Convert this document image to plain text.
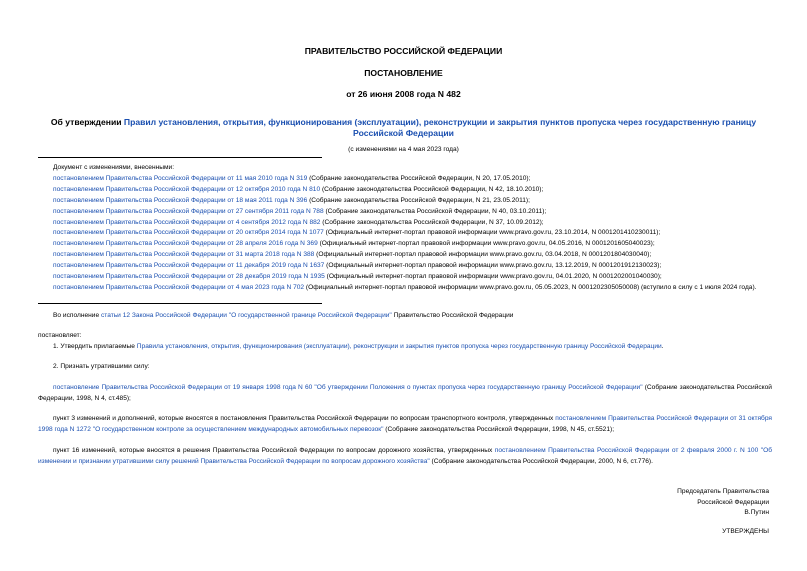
ПРАВИТЕЛЬСТВО РОССИЙСКОЙ ФЕДЕРАЦИИ
ПОСТАНОВЛЕНИЕ
от 26 июня 2008 года N 482
Об утверждении Правил установления, открытия, функционирования (эксплуатации), реконструкции и закрытия пунктов пропуска через государственную границу Российской Федерации
(с изменениями на 4 мая 2023 года)
Документ с изменениями, внесенными:
постановлением Правительства Российской Федерации от 11 мая 2010 года N 319 (Собрание законодательства Российской Федерации, N 20, 17.05.2010);
постановлением Правительства Российской Федерации от 12 октября 2010 года N 810 (Собрание законодательства Российской Федерации, N 42, 18.10.2010);
постановлением Правительства Российской Федерации от 18 мая 2011 года N 396 (Собрание законодательства Российской Федерации, N 21, 23.05.2011);
постановлением Правительства Российской Федерации от 27 сентября 2011 года N 788 (Собрание законодательства Российской Федерации, N 40, 03.10.2011);
постановлением Правительства Российской Федерации от 4 сентября 2012 года N 882 (Собрание законодательства Российской Федерации, N 37, 10.09.2012);
постановлением Правительства Российской Федерации от 20 октября 2014 года N 1077 (Официальный интернет-портал правовой информации www.pravo.gov.ru, 23.10.2014, N 0001201410230011);
постановлением Правительства Российской Федерации от 28 апреля 2016 года N 369 (Официальный интернет-портал правовой информации www.pravo.gov.ru, 04.05.2016, N 0001201605040023);
постановлением Правительства Российской Федерации от 31 марта 2018 года N 388 (Официальный интернет-портал правовой информации www.pravo.gov.ru, 03.04.2018, N 0001201804030040);
постановлением Правительства Российской Федерации от 11 декабря 2019 года N 1637 (Официальный интернет-портал правовой информации www.pravo.gov.ru, 13.12.2019, N 0001201912130023);
постановлением Правительства Российской Федерации от 28 декабря 2019 года N 1935 (Официальный интернет-портал правовой информации www.pravo.gov.ru, 04.01.2020, N 0001202001040030);
постановлением Правительства Российской Федерации от 4 мая 2023 года N 702 (Официальный интернет-портал правовой информации www.pravo.gov.ru, 05.05.2023, N 0001202305050008) (вступило в силу с 1 июля 2024 года).
Во исполнение статьи 12 Закона Российской Федерации "О государственной границе Российской Федерации" Правительство Российской Федерации
постановляет:
1. Утвердить прилагаемые Правила установления, открытия, функционирования (эксплуатации), реконструкции и закрытия пунктов пропуска через государственную границу Российской Федерации.
2. Признать утратившими силу:
постановление Правительства Российской Федерации от 19 января 1998 года N 60 "Об утверждении Положения о пунктах пропуска через государственную границу Российской Федерации" (Собрание законодательства Российской Федерации, 1998, N 4, ст.485);
пункт 3 изменений и дополнений, которые вносятся в постановления Правительства Российской Федерации по вопросам транспортного контроля, утвержденных постановлением Правительства Российской Федерации от 31 октября 1998 года N 1272 "О государственном контроле за осуществлением международных автомобильных перевозок" (Собрание законодательства Российской Федерации, 1998, N 45, ст.5521);
пункт 16 изменений, которые вносятся в решения Правительства Российской Федерации по вопросам дорожного хозяйства, утвержденных постановлением Правительства Российской Федерации от 2 февраля 2000 г. N 100 "Об изменении и признании утратившими силу решений Правительства Российской Федерации по вопросам дорожного хозяйства" (Собрание законодательства Российской Федерации, 2000, N 6, ст.776).
Председатель Правительства
Российской Федерации
В.Путин
УТВЕРЖДЕНЫ
